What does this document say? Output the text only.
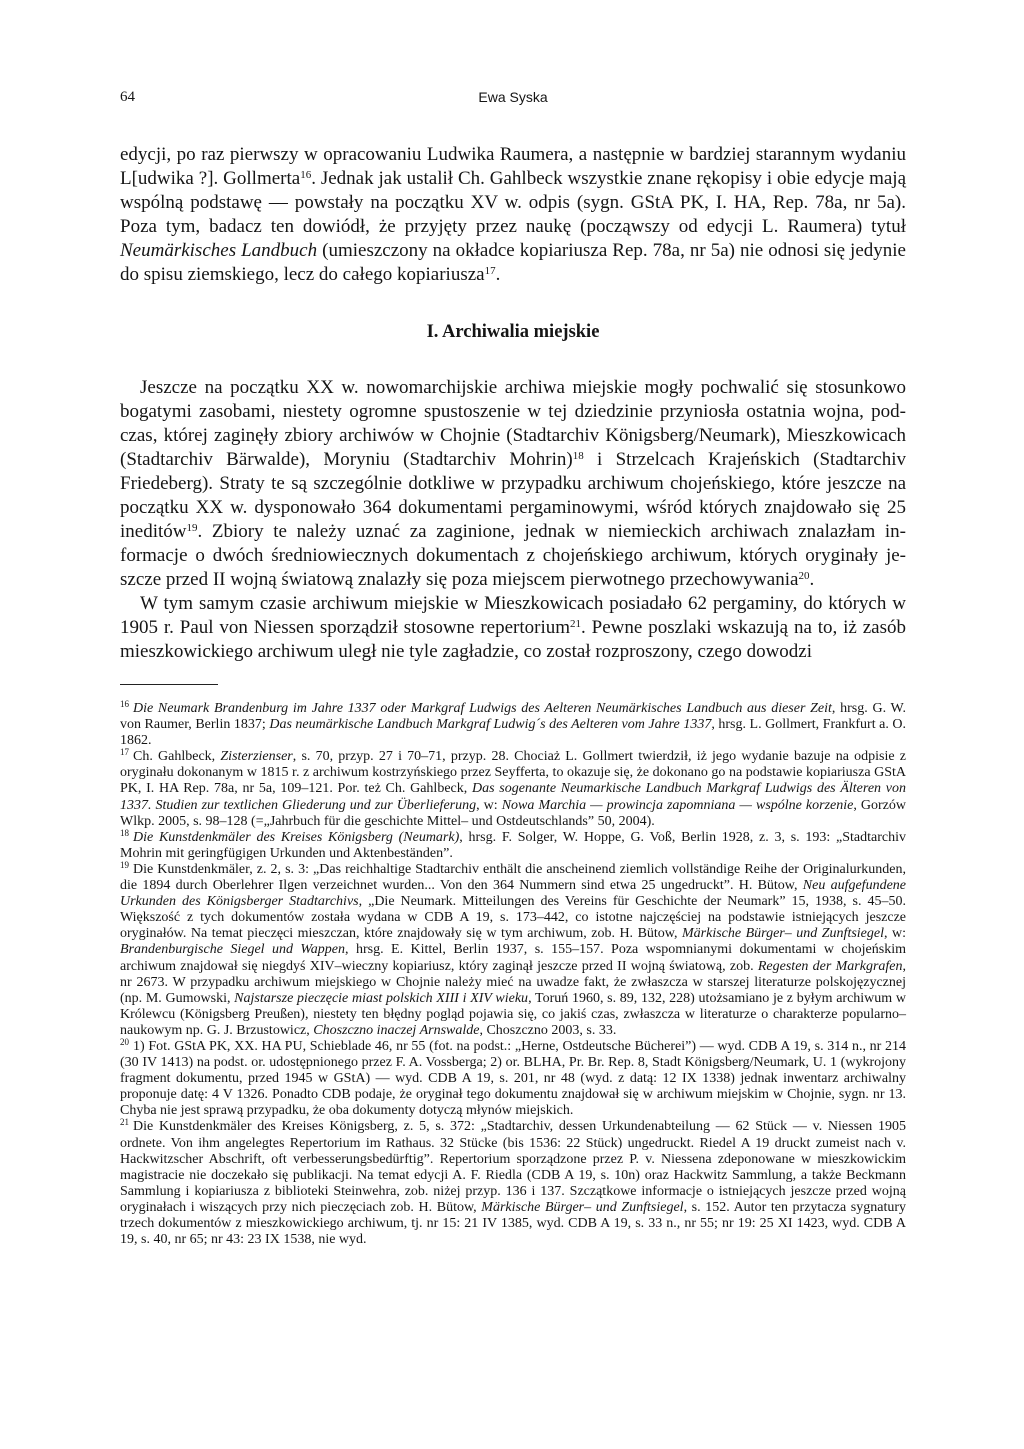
64	Ewa Syska

edycji, po raz pierwszy w opracowaniu Ludwika Raumera, a następnie w bardziej starannym wydaniu L[udwika ?]. Gollmerta$^{16}$. Jednak jak ustalił Ch. Gahlbeck wszystkie znane rękopisy i obie edycje mają wspólną podstawę — powstały na początku XV w. odpis (sygn. GStA PK, I. HA, Rep. 78a, nr 5a). Poza tym, badacz ten dowiódł, że przyjęty przez naukę (począwszy od edycji L. Raumera) tytuł Neumärkisches Landbuch (umieszczony na okładce kopiariusza Rep. 78a, nr 5a) nie odnosi się jedynie do spisu ziemskiego, lecz do całego kopiariusza$^{17}$.

I. Archiwalia miejskie

Jeszcze na początku XX w. nowomarchijskie archiwa miejskie mogły pochwalić się stosunkowo bogatymi zasobami, niestety ogromne spustoszenie w tej dziedzinie przyniosła ostatnia wojna, podczas, której zaginęły zbiory archiwów w Chojnie (Stadtarchiv Königsberg/Neumark), Mieszkowicach (Stadtarchiv Bärwalde), Moryniu (Stadtarchiv Mohrin)$^{18}$ i Strzelcach Krajeńskich (Stadtarchiv Friedeberg). Straty te są szczególnie dotkliwe w przypadku archiwum chojeńskiego, które jeszcze na początku XX w. dysponowało 364 dokumentami pergaminowymi, wśród których znajdowało się 25 ineditów$^{19}$. Zbiory te należy uznać za zaginione, jednak w niemieckich archiwach znalazłam informacje o dwóch średniowiecznych dokumentach z chojeńskiego archiwum, których oryginały jeszcze przed II wojną światową znalazły się poza miejscem pierwotnego przechowywania$^{20}$.

W tym samym czasie archiwum miejskie w Mieszkowicach posiadało 62 pergaminy, do których w 1905 r. Paul von Niessen sporządził stosowne repertorium$^{21}$. Pewne poszlaki wskazują na to, iż zasób mieszkowickiego archiwum uległ nie tyle zagładzie, co został rozproszony, czego dowodzi

$^{16}$ Die Neumark Brandenburg im Jahre 1337 oder Markgraf Ludwigs des Aelteren Neumärkisches Landbuch aus dieser Zeit, hrsg. G. W. von Raumer, Berlin 1837; Das neumärkische Landbuch Markgraf Ludwig´s des Aelteren vom Jahre 1337, hrsg. L. Gollmert, Frankfurt a. O. 1862.

$^{17}$ Ch. Gahlbeck, Zisterzienser, s. 70, przyp. 27 i 70–71, przyp. 28. Chociaż L. Gollmert twierdził, iż jego wydanie bazuje na odpisie z oryginału dokonanym w 1815 r. z archiwum kostrzyńskiego przez Seyfferta, to okazuje się, że dokonano go na podstawie kopiariusza GStA PK, I. HA Rep. 78a, nr 5a, 109–121. Por. też Ch. Gahlbeck, Das sogenante Neumarkische Landbuch Markgraf Ludwigs des Älteren von 1337. Studien zur textlichen Gliederung und zur Überlieferung, w: Nowa Marchia — prowincja zapomniana — wspólne korzenie, Gorzów Wlkp. 2005, s. 98–128 (=„Jahrbuch für die geschichte Mittel– und Ostdeutschlands” 50, 2004).

$^{18}$ Die Kunstdenkmäler des Kreises Königsberg (Neumark), hrsg. F. Solger, W. Hoppe, G. Voß, Berlin 1928, z. 3, s. 193: „Stadtarchiv Mohrin mit geringfügigen Urkunden und Aktenbeständen”.

$^{19}$ Die Kunstdenkmäler, z. 2, s. 3: „Das reichhaltige Stadtarchiv enthält die anscheinend ziemlich vollständige Reihe der Originalurkunden, die 1894 durch Oberlehrer Ilgen verzeichnet wurden... Von den 364 Nummern sind etwa 25 ungedruckt”. H. Bütow, Neu aufgefundene Urkunden des Königsberger Stadtarchivs, „Die Neumark. Mitteilungen des Vereins für Geschichte der Neumark” 15, 1938, s. 45–50. Większość z tych dokumentów została wydana w CDB A 19, s. 173–442, co istotne najczęściej na podstawie istniejących jeszcze oryginałów. Na temat pieczęci mieszczan, które znajdowały się w tym archiwum, zob. H. Bütow, Märkische Bürger– und Zunftsiegel, w: Brandenburgische Siegel und Wappen, hrsg. E. Kittel, Berlin 1937, s. 155–157. Poza wspomnianymi dokumentami w chojeńskim archiwum znajdował się niegdyś XIV–wieczny kopiariusz, który zaginął jeszcze przed II wojną światową, zob. Regesten der Markgrafen, nr 2673. W przypadku archiwum miejskiego w Chojnie należy mieć na uwadze fakt, że zwłaszcza w starszej literaturze polskojęzycznej (np. M. Gumowski, Najstarsze pieczęcie miast polskich XIII i XIV wieku, Toruń 1960, s. 89, 132, 228) utożsamiano je z byłym archiwum w Królewcu (Königsberg Preußen), niestety ten błędny pogląd pojawia się, co jakiś czas, zwłaszcza w literaturze o charakterze popularno–naukowym np. G. J. Brzustowicz, Choszczno inaczej Arnswalde, Choszczno 2003, s. 33.

$^{20}$ 1) Fot. GStA PK, XX. HA PU, Schieblade 46, nr 55 (fot. na podst.: „Herne, Ostdeutsche Bücherei”) — wyd. CDB A 19, s. 314 n., nr 214 (30 IV 1413) na podst. or. udostępnionego przez F. A. Vossberga; 2) or. BLHA, Pr. Br. Rep. 8, Stadt Königsberg/Neumark, U. 1 (wykrojony fragment dokumentu, przed 1945 w GStA) — wyd. CDB A 19, s. 201, nr 48 (wyd. z datą: 12 IX 1338) jednak inwentarz archiwalny proponuje datę: 4 V 1326. Ponadto CDB podaje, że oryginał tego dokumentu znajdował się w archiwum miejskim w Chojnie, sygn. nr 13. Chyba nie jest sprawą przypadku, że oba dokumenty dotyczą młynów miejskich.

$^{21}$ Die Kunstdenkmäler des Kreises Königsberg, z. 5, s. 372: „Stadtarchiv, dessen Urkundenabteilung — 62 Stück — v. Niessen 1905 ordnete. Von ihm angelegtes Repertorium im Rathaus. 32 Stücke (bis 1536: 22 Stück) ungedruckt. Riedel A 19 druckt zumeist nach v. Hackwitzscher Abschrift, oft verbesserungsbedürftig”. Repertorium sporządzone przez P. v. Niessena zdeponowane w mieszkowickim magistracie nie doczekało się publikacji. Na temat edycji A. F. Riedla (CDB A 19, s. 10n) oraz Hackwitz Sammlung, a także Beckmann Sammlung i kopiariusza z biblioteki Steinwehra, zob. niżej przyp. 136 i 137. Szczątkowe informacje o istniejących jeszcze przed wojną oryginałach i wiszących przy nich pieczęciach zob. H. Bütow, Märkische Bürger– und Zunftsiegel, s. 152. Autor ten przytacza sygnatury trzech dokumentów z mieszkowickiego archiwum, tj. nr 15: 21 IV 1385, wyd. CDB A 19, s. 33 n., nr 55; nr 19: 25 XI 1423, wyd. CDB A 19, s. 40, nr 65; nr 43: 23 IX 1538, nie wyd.
